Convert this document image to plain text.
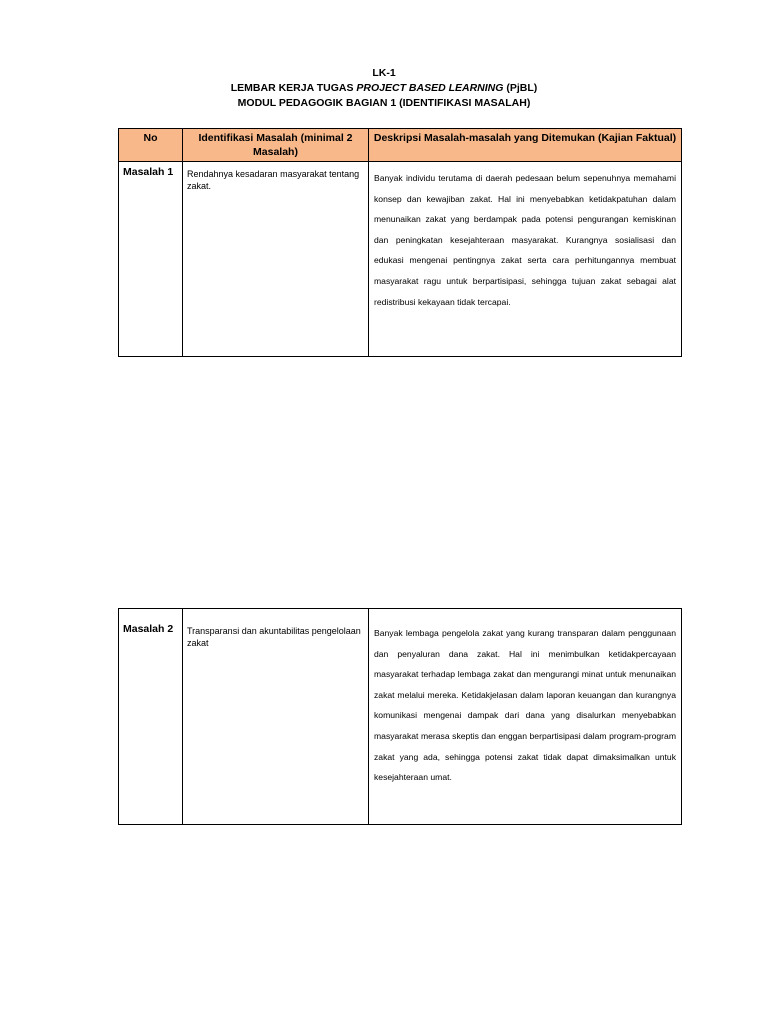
LK-1
LEMBAR KERJA TUGAS PROJECT BASED LEARNING (PjBL)
MODUL PEDAGOGIK BAGIAN 1 (IDENTIFIKASI MASALAH)
No	Identifikasi Masalah (minimal 2 Masalah)	Deskripsi Masalah-masalah yang Ditemukan (Kajian Faktual)
Masalah 1	Rendahnya kesadaran masyarakat tentang zakat.	Banyak individu terutama di daerah pedesaan belum sepenuhnya memahami konsep dan kewajiban zakat. Hal ini menyebabkan ketidakpatuhan dalam menunaikan zakat yang berdampak pada potensi pengurangan kemiskinan dan peningkatan kesejahteraan masyarakat. Kurangnya sosialisasi dan edukasi mengenai pentingnya zakat serta cara perhitungannya membuat masyarakat ragu untuk berpartisipasi, sehingga tujuan zakat sebagai alat redistribusi kekayaan tidak tercapai.
Masalah 2	Transparansi dan akuntabilitas pengelolaan zakat	Banyak lembaga pengelola zakat yang kurang transparan dalam penggunaan dan penyaluran dana zakat. Hal ini menimbulkan ketidakpercayaan masyarakat terhadap lembaga zakat dan mengurangi minat untuk menunaikan zakat melalui mereka. Ketidakjelasan dalam laporan keuangan dan kurangnya komunikasi mengenai dampak dari dana yang disalurkan menyebabkan masyarakat merasa skeptis dan enggan berpartisipasi dalam program-program zakat yang ada, sehingga potensi zakat tidak dapat dimaksimalkan untuk kesejahteraan umat.
